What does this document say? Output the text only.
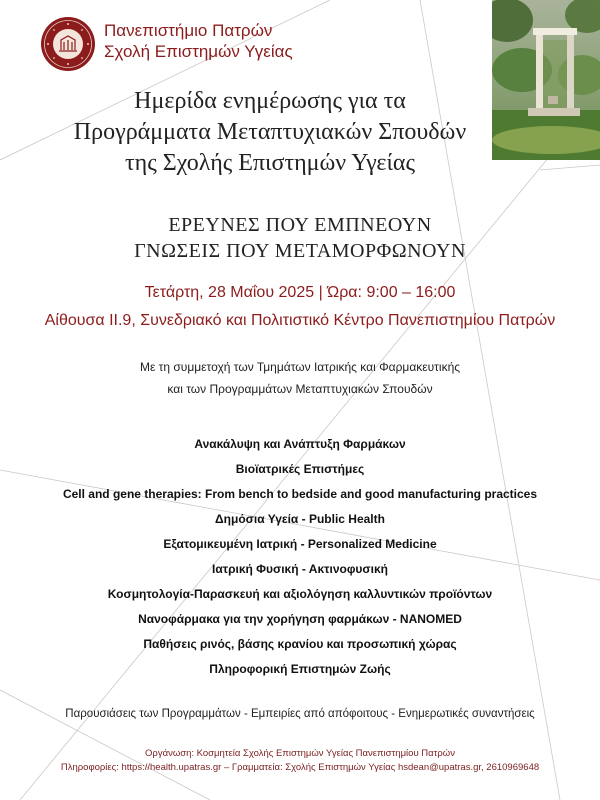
Πανεπιστήμιο Πατρών
Σχολή Επιστημών Υγείας
Ημερίδα ενημέρωσης για τα
Προγράμματα Μεταπτυχιακών Σπουδών
της Σχολής Επιστημών Υγείας
ΕΡΕΥΝΕΣ ΠΟΥ ΕΜΠΝΕΟΥΝ
ΓΝΩΣΕΙΣ ΠΟΥ ΜΕΤΑΜΟΡΦΩΝΟΥΝ
Τετάρτη, 28 Μαΐου 2025 | Ώρα: 9:00 – 16:00
Αίθουσα ΙΙ.9, Συνεδριακό και Πολιτιστικό Κέντρο Πανεπιστημίου Πατρών
Με τη συμμετοχή των Τμημάτων Ιατρικής και Φαρμακευτικής
και των Προγραμμάτων Μεταπτυχιακών Σπουδών
Ανακάλυψη και Ανάπτυξη Φαρμάκων
Βιοϊατρικές Επιστήμες
Cell and gene therapies: From bench to bedside and good manufacturing practices
Δημόσια Υγεία - Public Health
Εξατομικευμένη Ιατρική - Personalized Medicine
Ιατρική Φυσική - Ακτινοφυσική
Κοσμητολογία-Παρασκευή και αξιολόγηση καλλυντικών προϊόντων
Νανοφάρμακα για την χορήγηση φαρμάκων - NANOMED
Παθήσεις ρινός, βάσης κρανίου και προσωπική χώρας
Πληροφορική Επιστημών Ζωής
Παρουσιάσεις των Προγραμμάτων - Εμπειρίες από απόφοιτους - Ενημερωτικές συναντήσεις
Οργάνωση: Κοσμητεία Σχολής Επιστημών Υγείας Πανεπιστημίου Πατρών
Πληροφορίες: https://health.upatras.gr – Γραμματεία: Σχολής Επιστημών Υγείας hsdean@upatras.gr, 2610969648
